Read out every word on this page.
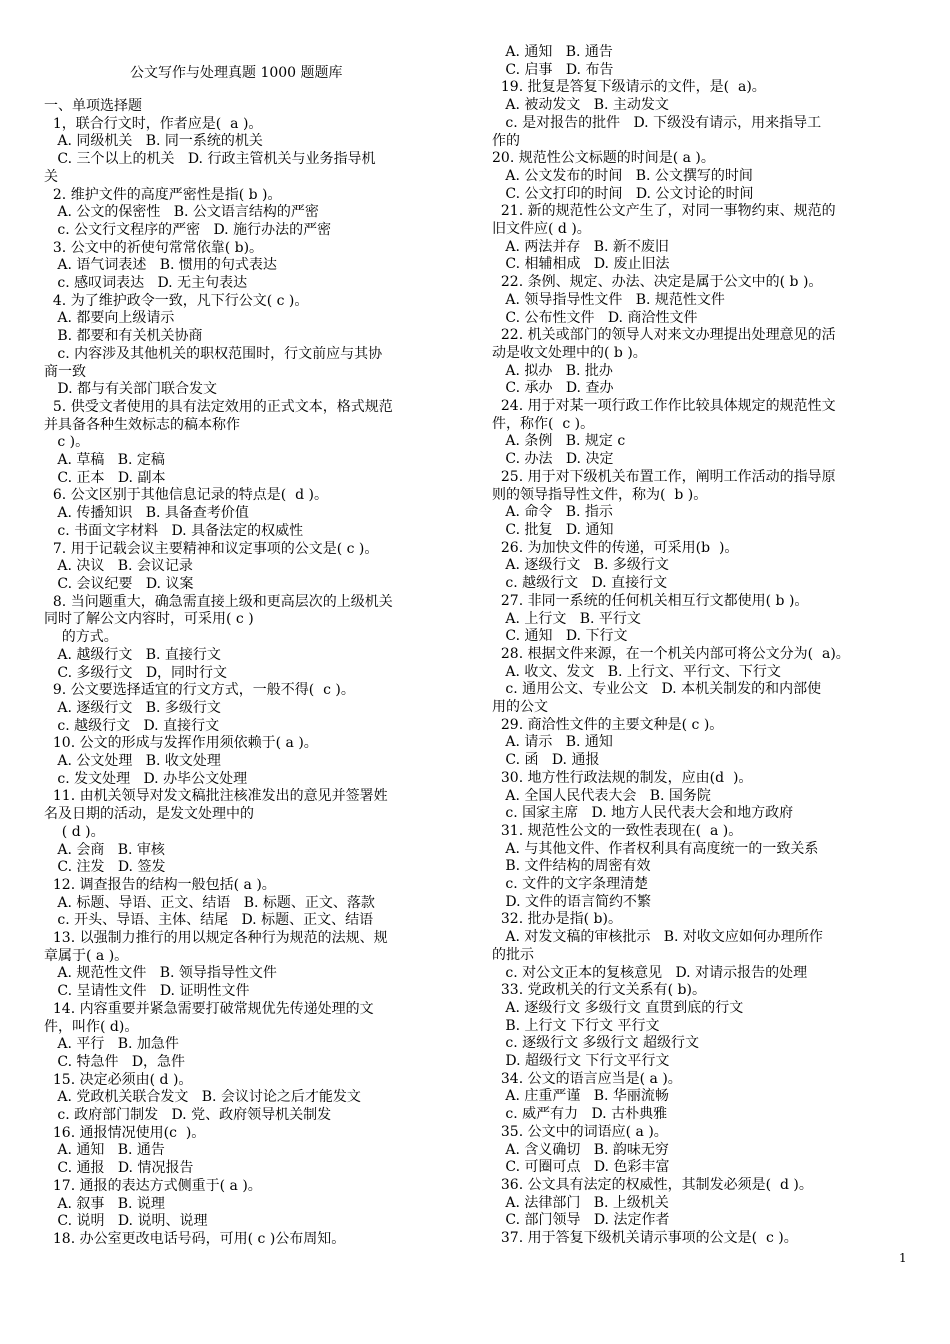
公文写作与处理真题 1000 题题库
一、单项选择题
1，联合行文时，作者应是(  a )。
A. 同级机关   B. 同一系统的机关
C. 三个以上的机关   D. 行政主管机关与业务指导机
关
2. 维护文件的高度严密性是指( b )。
A. 公文的保密性   B. 公文语言结构的严密
c. 公文行文程序的严密   D. 施行办法的严密
3. 公文中的祈使句常常依靠( b)。
A. 语气词表述   B. 惯用的句式表达
c. 感叹词表达   D. 无主句表达
4. 为了维护政令一致，凡下行公文( c )。
A. 都要向上级请示
B. 都要和有关机关协商
c. 内容涉及其他机关的职权范围时，行文前应与其协
商一致
D. 都与有关部门联合发文
5. 供受文者使用的具有法定效用的正式文本，格式规范
并具备各种生效标志的稿本称作
c )。
A. 草稿   B. 定稿
C. 正本   D. 副本
6. 公文区别于其他信息记录的特点是(  d )。
A. 传播知识   B. 具备查考价值
c. 书面文字材料   D. 具备法定的权威性
7. 用于记载会议主要精神和议定事项的公文是( c )。
A. 决议   B. 会议记录
C. 会议纪要   D. 议案
8. 当问题重大，确急需直接上级和更高层次的上级机关
同时了解公文内容时，可采用( c )
的方式。
A. 越级行文   B. 直接行文
C. 多级行文   D，同时行文
9. 公文要选择适宜的行文方式，一般不得(  c )。
A. 逐级行文   B. 多级行文
c. 越级行文   D. 直接行文
10. 公文的形成与发挥作用须依赖于( a )。
A. 公文处理   B. 收文处理
c. 发文处理   D. 办毕公文处理
11. 由机关领导对发文稿批注核准发出的意见并签署姓
名及日期的活动，是发文处理中的
( d )。
A. 会商   B. 审核
C. 注发   D. 签发
12. 调查报告的结构一般包括( a )。
A. 标题、导语、正文、结语   B. 标题、正文、落款
c. 开头、导语、主体、结尾   D. 标题、正文、结语
13. 以强制力推行的用以规定各种行为规范的法规、规
章属于( a )。
A. 规范性文件   B. 领导指导性文件
C. 呈请性文件   D. 证明性文件
14. 内容重要并紧急需要打破常规优先传递处理的文
件，叫作( d)。
A. 平行   B. 加急件
C. 特急件   D，急件
15. 决定必须由( d )。
A. 党政机关联合发文   B. 会议讨论之后才能发文
c. 政府部门制发   D. 党、政府领导机关制发
16. 通报情况使用(c  )。
A. 通知   B. 通告
C. 通报   D. 情况报告
17. 通报的表达方式侧重于( a )。
A. 叙事   B. 说理
C. 说明   D. 说明、说理
18. 办公室更改电话号码，可用( c )公布周知。
A. 通知   B. 通告
C. 启事   D. 布告
19. 批复是答复下级请示的文件，是(  a)。
A. 被动发文   B. 主动发文
c. 是对报告的批件   D. 下级没有请示，用来指导工
作的
20. 规范性公文标题的时间是( a )。
A. 公文发布的时间   B. 公文撰写的时间
C. 公文打印的时间   D. 公文讨论的时间
21. 新的规范性公文产生了，对同一事物约束、规范的
旧文件应( d )。
A. 两法并存   B. 新不废旧
C. 相辅相成   D. 废止旧法
22. 条例、规定、办法、决定是属于公文中的( b )。
A. 领导指导性文件   B. 规范性文件
C. 公布性文件   D. 商洽性文件
22. 机关或部门的领导人对来文办理提出处理意见的活
动是收文处理中的( b )。
A. 拟办   B. 批办
C. 承办   D. 查办
24. 用于对某一项行政工作作比较具体规定的规范性文
件，称作(  c )。
A. 条例   B. 规定 c
C. 办法   D. 决定
25. 用于对下级机关布置工作，阐明工作活动的指导原
则的领导指导性文件，称为(  b )。
A. 命令   B. 指示
C. 批复   D. 通知
26. 为加快文件的传递，可采用(b  )。
A. 逐级行文   B. 多级行文
c. 越级行文   D. 直接行文
27. 非同一系统的任何机关相互行文都使用( b )。
A. 上行文   B. 平行文
C. 通知   D. 下行文
28. 根据文件来源，在一个机关内部可将公文分为(  a)。
A. 收文、发文   B. 上行文、平行文、下行文
c. 通用公文、专业公文   D. 本机关制发的和内部使
用的公文
29. 商洽性文件的主要文种是( c )。
A. 请示   B. 通知
C. 函   D. 通报
30. 地方性行政法规的制发，应由(d  )。
A. 全国人民代表大会   B. 国务院
c. 国家主席   D. 地方人民代表大会和地方政府
31. 规范性公文的一致性表现在(  a )。
A. 与其他文件、作者权利具有高度统一的一致关系
B. 文件结构的周密有效
c. 文件的文字条理清楚
D. 文件的语言简约不繁
32. 批办是指( b)。
A. 对发文稿的审核批示   B. 对收文应如何办理所作
的批示
c. 对公文正本的复核意见   D. 对请示报告的处理
33. 党政机关的行文关系有( b)。
A. 逐级行文 多级行文 直贯到底的行文
B. 上行文 下行文 平行文
c. 逐级行文 多级行文 超级行文
D. 超级行文 下行文平行文
34. 公文的语言应当是( a )。
A. 庄重严谨   B. 华丽流畅
c. 威严有力   D. 古朴典雅
35. 公文中的词语应( a )。
A. 含义确切   B. 韵味无穷
C. 可圈可点   D. 色彩丰富
36. 公文具有法定的权威性，其制发必须是(  d )。
A. 法律部门   B. 上级机关
C. 部门领导   D. 法定作者
37. 用于答复下级机关请示事项的公文是(  c )。
1
